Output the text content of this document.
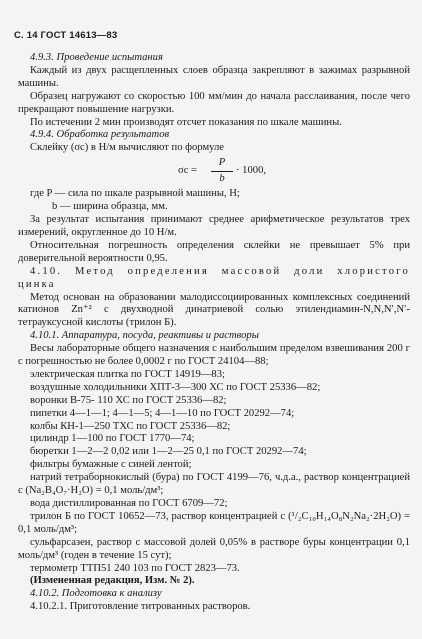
С. 14 ГОСТ 14613—83

4.9.3. Проведение испытания

Каждый из двух расщепленных слоев образца закрепляют в зажимах разрывной машины.

Образец нагружают со скоростью 100 мм/мин до начала расслаивания, после чего прекращают повышение нагрузки.

По истечении 2 мин производят отсчет показания по шкале машины.

4.9.4. Обработка результатов

Склейку (σс) в Н/м вычисляют по формуле

$\sigma с = \frac{P}{b} \cdot 1000$,

где P — сила по шкале разрывной машины, Н;

b — ширина образца, мм.

За результат испытания принимают среднее арифметическое результатов трех измерений, округленное до 10 Н/м.

Относительная погрешность определения склейки не превышает 5% при доверительной вероятности 0,95.

4.10. Метод определения массовой доли хлористого цинка

Метод основан на образовании малодиссоциированных комплексных соединений катионов Zn⁺² с двухводной динатриевой солью этилендиамин-N,N,N′,N′-тетрауксусной кислоты (трилон Б).

4.10.1. Аппаратура, посуда, реактивы и растворы

Весы лабораторные общего назначения с наибольшим пределом взвешивания 200 г с погрешностью не более 0,0002 г по ГОСТ 24104—88;

электрическая плитка по ГОСТ 14919—83;

воздушные холодильники ХПТ-3—300 ХС по ГОСТ 25336—82;

воронки В-75- 110 ХС по ГОСТ 25336—82;

пипетки 4—1—1; 4—1—5; 4—1—10 по ГОСТ 20292—74;

колбы КН-1—250 ТХС по ГОСТ 25336—82;

цилиндр 1—100 по ГОСТ 1770—74;

бюретки 1—2—2 0,02 или 1—2—25 0,1 по ГОСТ 20292—74;

фильтры бумажные с синей лентой;

натрий тетраборнокислый (бура) по ГОСТ 4199—76, ч.д.а., раствор концентрацией с (Na₂B₄O₇·H₂O) = 0,1 моль/дм³;

вода дистиллированная по ГОСТ 6709—72;

трилон Б по ГОСТ 10652—73, раствор концентрацией с (¹/₂C₁₀H₁₄O₈N₂Na₂·2H₂O) = 0,1 моль/дм³;

сульфарсазен, раствор с массовой долей 0,05% в растворе буры концентрации 0,1 моль/дм³ (годен в течение 15 сут);

термометр ТТП51 240 103 по ГОСТ 2823—73.

(Измененная редакция, Изм. № 2).

4.10.2. Подготовка к анализу

4.10.2.1. Приготовление титрованных растворов.
